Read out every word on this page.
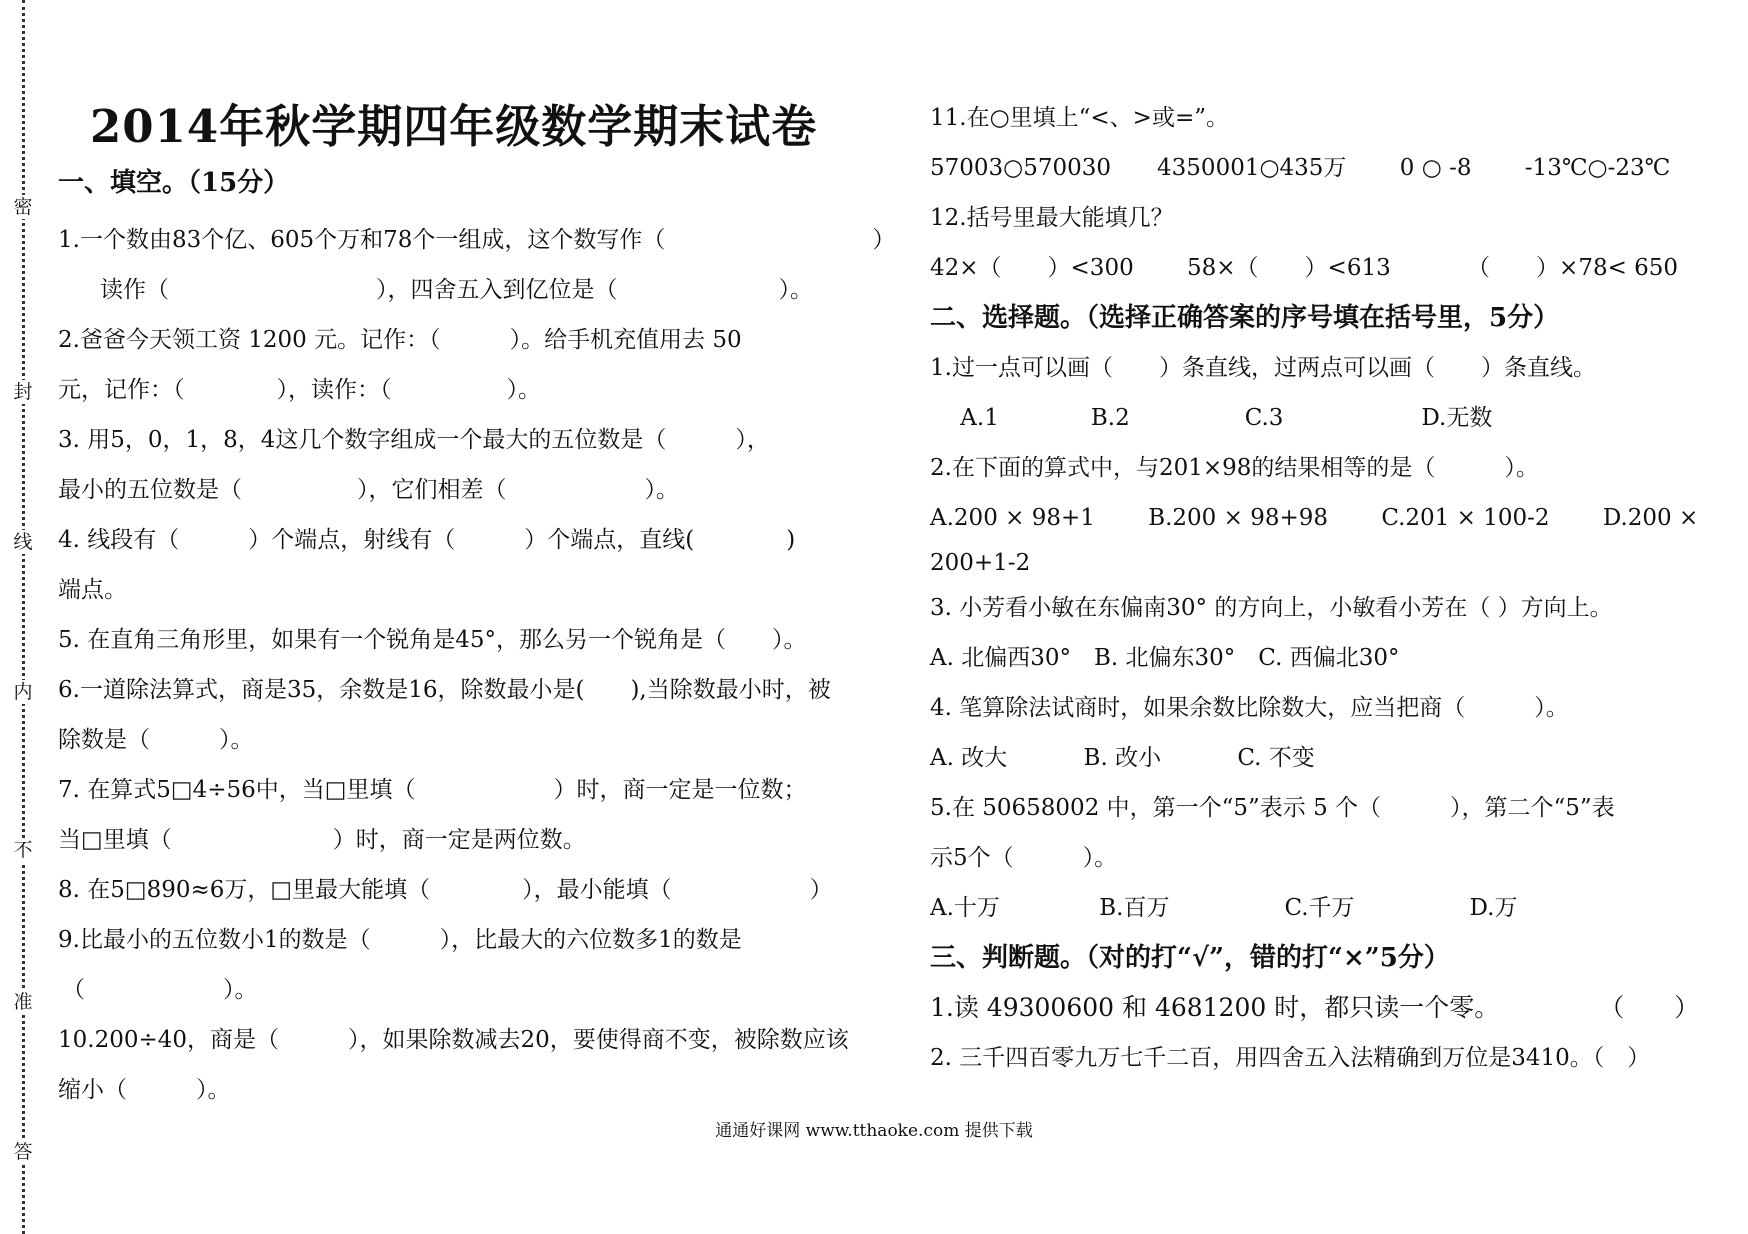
密
封
线
内
不
准
答
2014年秋学期四年级数学期末试卷
一、填空。（15分）
1.一个数由83个亿、605个万和78个一组成，这个数写作（　　　　　　　　　）
读作（　　　　　　　　　），四舍五入到亿位是（　　　　　　　）。
2.爸爸今天领工资 1200 元。记作：（　　　）。给手机充值用去 50
元，记作：（　　　　），读作：（　　　　　）。
3. 用5，0，1，8，4这几个数字组成一个最大的五位数是（　　　），
最小的五位数是（　　　　　），它们相差（　　　　　　）。
4. 线段有（　　　）个端点，射线有（　　　）个端点，直线(　　　　)
端点。
5. 在直角三角形里，如果有一个锐角是45°，那么另一个锐角是（　　）。
6.一道除法算式，商是35，余数是16，除数最小是(　　),当除数最小时，被
除数是（　　　）。
7. 在算式5□4÷56中，当□里填（　　　　　　）时，商一定是一位数；
当□里填（　　　　　　　）时，商一定是两位数。
8. 在5□890≈6万，□里最大能填（　　　　），最小能填（　　　　　　）
9.比最小的五位数小1的数是（　　　），比最大的六位数多1的数是
（　　　　　　）。
10.200÷40，商是（　　　），如果除数减去20，要使得商不变，被除数应该
缩小（　　　）。
11.在○里填上“<、>或=”。
57003○570030　　4350001○435万　　 0 ○ -8　　 -13℃○-23℃
12.括号里最大能填几？
42×（　　）<300　　 58×（　　）<613　　　 （　　）×78< 650
二、选择题。（选择正确答案的序号填在括号里，5分）
1.过一点可以画（　　）条直线，过两点可以画（　　）条直线。
　 A.1　　　　B.2　　　　　C.3　　　　　　D.无数
2.在下面的算式中，与201×98的结果相等的是（　　　）。
A.200 × 98+1　　 B.200 × 98+98　　 C.201 × 100-2　　 D.200 ×
200+1-2
3. 小芳看小敏在东偏南30° 的方向上，小敏看小芳在（ ）方向上。
A. 北偏西30°　B. 北偏东30°　C. 西偏北30°
4. 笔算除法试商时，如果余数比除数大，应当把商（　　　）。
A. 改大　　　 B. 改小　　　 C. 不变
5.在 50658002 中，第一个“5”表示 5 个（　　　），第二个“5”表
示5个（　　　）。
A.十万　　　　 B.百万　　　　　C.千万　　　　　D.万
三、判断题。（对的打“√”，错的打“×”5分）
1.读 49300600 和 4681200 时，都只读一个零。　　　　　（　　）
2. 三千四百零九万七千二百，用四舍五入法精确到万位是3410。（　）
通通好课网 www.tthaoke.com 提供下载
